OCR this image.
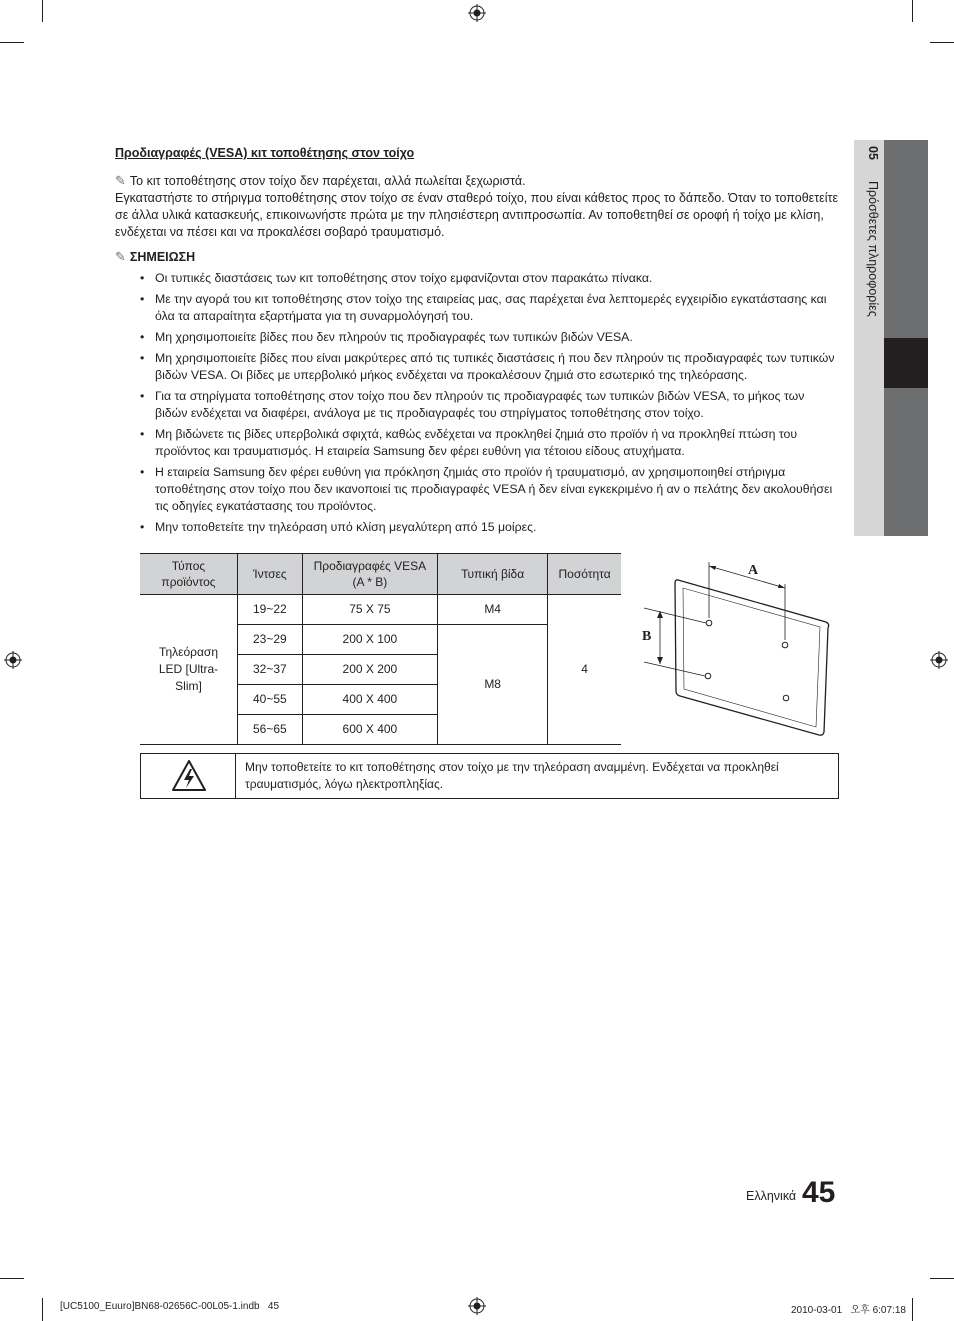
05 Πρόσθετες πληροφορίες
Προδιαγραφές (VESA) κιτ τοποθέτησης στον τοίχο
✎ Το κιτ τοποθέτησης στον τοίχο δεν παρέχεται, αλλά πωλείται ξεχωριστά.
Εγκαταστήστε το στήριγμα τοποθέτησης στον τοίχο σε έναν σταθερό τοίχο, που είναι κάθετος προς το δάπεδο. Όταν το τοποθετείτε σε άλλα υλικά κατασκευής, επικοινωνήστε πρώτα με την πλησιέστερη αντιπροσωπία. Αν τοποθετηθεί σε οροφή ή τοίχο με κλίση, ενδέχεται να πέσει και να προκαλέσει σοβαρό τραυματισμό.
✎ ΣΗΜΕΙΩΣΗ
• Οι τυπικές διαστάσεις των κιτ τοποθέτησης στον τοίχο εμφανίζονται στον παρακάτω πίνακα.
• Με την αγορά του κιτ τοποθέτησης στον τοίχο της εταιρείας μας, σας παρέχεται ένα λεπτομερές εγχειρίδιο εγκατάστασης και όλα τα απαραίτητα εξαρτήματα για τη συναρμολόγησή του.
• Μη χρησιμοποιείτε βίδες που δεν πληρούν τις προδιαγραφές των τυπικών βιδών VESA.
• Μη χρησιμοποιείτε βίδες που είναι μακρύτερες από τις τυπικές διαστάσεις ή που δεν πληρούν τις προδιαγραφές των τυπικών βιδών VESA. Οι βίδες με υπερβολικό μήκος ενδέχεται να προκαλέσουν ζημιά στο εσωτερικό της τηλεόρασης.
• Για τα στηρίγματα τοποθέτησης στον τοίχο που δεν πληρούν τις προδιαγραφές των τυπικών βιδών VESA, το μήκος των βιδών ενδέχεται να διαφέρει, ανάλογα με τις προδιαγραφές του στηρίγματος τοποθέτησης στον τοίχο.
• Μη βιδώνετε τις βίδες υπερβολικά σφιχτά, καθώς ενδέχεται να προκληθεί ζημιά στο προϊόν ή να προκληθεί πτώση του προϊόντος και τραυματισμός. Η εταιρεία Samsung δεν φέρει ευθύνη για τέτοιου είδους ατυχήματα.
• Η εταιρεία Samsung δεν φέρει ευθύνη για πρόκληση ζημιάς στο προϊόν ή τραυματισμό, αν χρησιμοποιηθεί στήριγμα τοποθέτησης στον τοίχο που δεν ικανοποιεί τις προδιαγραφές VESA ή δεν είναι εγκεκριμένο ή αν ο πελάτης δεν ακολουθήσει τις οδηγίες εγκατάστασης του προϊόντος.
• Μην τοποθετείτε την τηλεόραση υπό κλίση μεγαλύτερη από 15 μοίρες.
Τύπος προϊόντος	Ίντσες	Προδιαγραφές VESA (A * B)	Τυπική βίδα	Ποσότητα
Τηλεόραση LED [Ultra-Slim]	19~22	75 X 75	M4	4
	23~29	200 X 100	M8	
	32~37	200 X 200		
	40~55	400 X 400		
	56~65	600 X 400		
A
B
Μην τοποθετείτε το κιτ τοποθέτησης στον τοίχο με την τηλεόραση αναμμένη. Ενδέχεται να προκληθεί τραυματισμός, λόγω ηλεκτροπληξίας.
Ελληνικά 45
[UC5100_Euuro]BN68-02656C-00L05-1.indb   45	2010-03-01   오후 6:07:18
